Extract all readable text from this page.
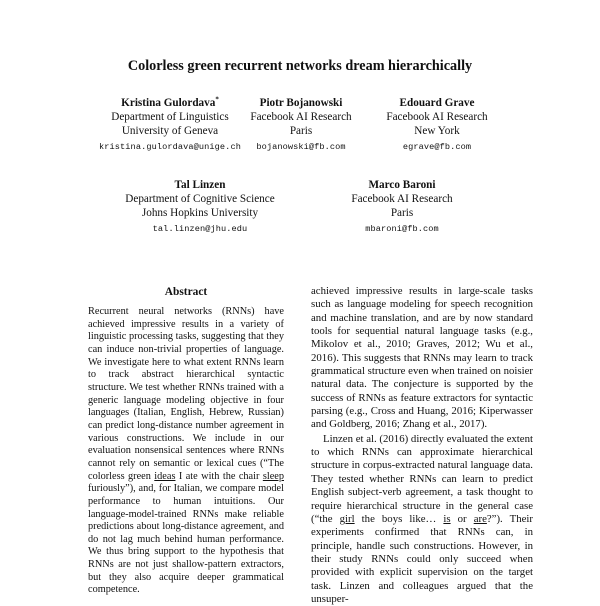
Colorless green recurrent networks dream hierarchically
Kristina Gulordava*
Department of Linguistics
University of Geneva
kristina.gulordava@unige.ch
Piotr Bojanowski
Facebook AI Research
Paris
bojanowski@fb.com
Edouard Grave
Facebook AI Research
New York
egrave@fb.com
Tal Linzen
Department of Cognitive Science
Johns Hopkins University
tal.linzen@jhu.edu
Marco Baroni
Facebook AI Research
Paris
mbaroni@fb.com
Abstract
Recurrent neural networks (RNNs) have achieved impressive results in a variety of linguistic processing tasks, suggesting that they can induce non-trivial properties of language. We investigate here to what extent RNNs learn to track abstract hierarchical syntactic structure. We test whether RNNs trained with a generic language modeling objective in four languages (Italian, English, Hebrew, Russian) can predict long-distance number agreement in various constructions. We include in our evaluation nonsensical sentences where RNNs cannot rely on semantic or lexical cues (“The colorless green ideas I ate with the chair sleep furiously”), and, for Italian, we compare model performance to human intuitions. Our language-model-trained RNNs make reliable predictions about long-distance agreement, and do not lag much behind human performance. We thus bring support to the hypothesis that RNNs are not just shallow-pattern extractors, but they also acquire deeper grammatical competence.

achieved impressive results in large-scale tasks such as language modeling for speech recognition and machine translation, and are by now standard tools for sequential natural language tasks (e.g., Mikolov et al., 2010; Graves, 2012; Wu et al., 2016). This suggests that RNNs may learn to track grammatical structure even when trained on noisier natural data. The conjecture is supported by the success of RNNs as feature extractors for syntactic parsing (e.g., Cross and Huang, 2016; Kiperwasser and Goldberg, 2016; Zhang et al., 2017).

Linzen et al. (2016) directly evaluated the extent to which RNNs can approximate hierarchical structure in corpus-extracted natural language data. They tested whether RNNs can learn to predict English subject-verb agreement, a task thought to require hierarchical structure in the general case (“the girl the boys like… is or are?”). Their experiments confirmed that RNNs can, in principle, handle such constructions. However, in their study RNNs could only succeed when provided with explicit supervision on the target task. Linzen and colleagues argued that the unsuper-
